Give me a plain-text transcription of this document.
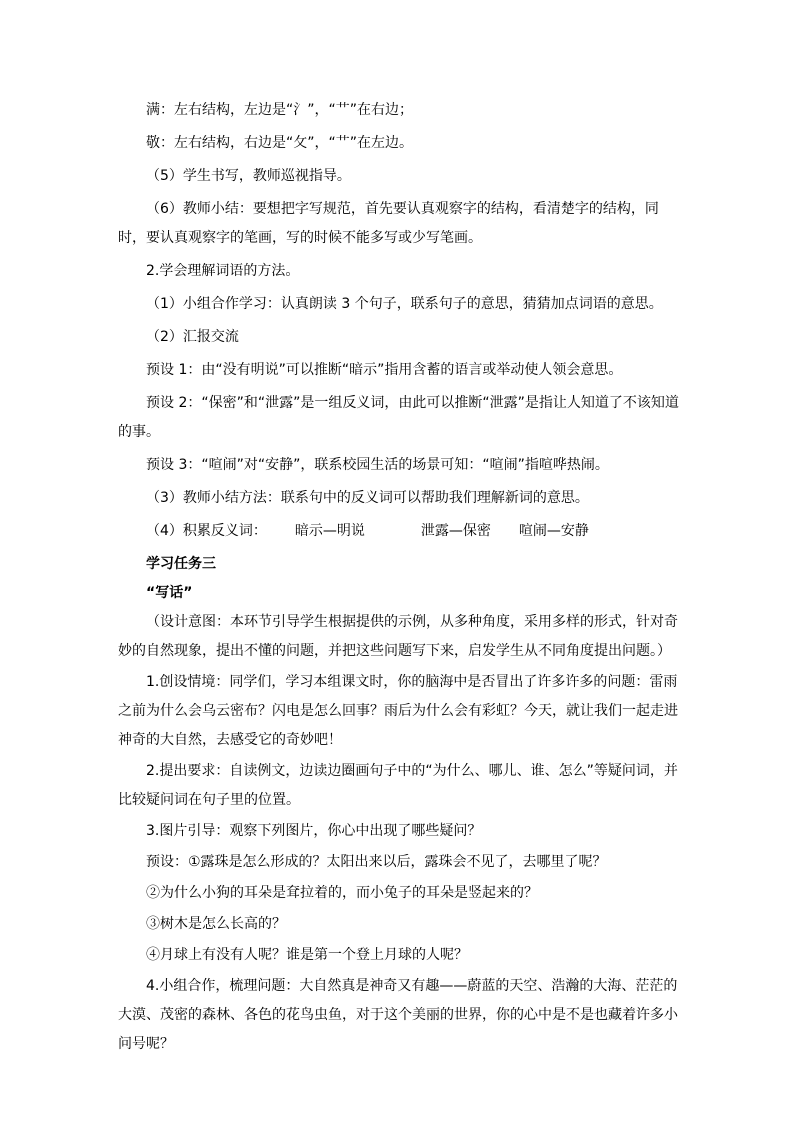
满：左右结构，左边是“氵”，“艹”在右边；

敬：左右结构，右边是“攵”，“艹”在左边。

（5）学生书写，教师巡视指导。

（6）教师小结：要想把字写规范，首先要认真观察字的结构，看清楚字的结构，同时，要认真观察字的笔画，写的时候不能多写或少写笔画。

2.学会理解词语的方法。

（1）小组合作学习：认真朗读 3 个句子，联系句子的意思，猜猜加点词语的意思。

（2）汇报交流

预设 1：由“没有明说”可以推断“暗示”指用含蓄的语言或举动使人领会意思。

预设 2：“保密”和“泄露”是一组反义词，由此可以推断“泄露”是指让人知道了不该知道的事。

预设 3：“喧闹”对“安静”，联系校园生活的场景可知：“喧闹”指喧哗热闹。

（3）教师小结方法：联系句中的反义词可以帮助我们理解新词的意思。

（4）积累反义词： 暗示—明说	泄露—保密 喧闹—安静

学习任务三

“写话”

（设计意图：本环节引导学生根据提供的示例，从多种角度，采用多样的形式，针对奇妙的自然现象，提出不懂的问题，并把这些问题写下来，启发学生从不同角度提出问题。）

1.创设情境：同学们，学习本组课文时，你的脑海中是否冒出了许多许多的问题：雷雨之前为什么会乌云密布？闪电是怎么回事？雨后为什么会有彩虹？今天，就让我们一起走进神奇的大自然，去感受它的奇妙吧！

2.提出要求：自读例文，边读边圈画句子中的“为什么、哪儿、谁、怎么”等疑问词，并比较疑问词在句子里的位置。

3.图片引导：观察下列图片，你心中出现了哪些疑问？

预设：①露珠是怎么形成的？太阳出来以后，露珠会不见了，去哪里了呢？

②为什么小狗的耳朵是耷拉着的，而小兔子的耳朵是竖起来的？

③树木是怎么长高的？

④月球上有没有人呢？谁是第一个登上月球的人呢？

4.小组合作，梳理问题：大自然真是神奇又有趣——蔚蓝的天空、浩瀚的大海、茫茫的大漠、茂密的森林、各色的花鸟虫鱼，对于这个美丽的世界，你的心中是不是也藏着许多小问号呢？
